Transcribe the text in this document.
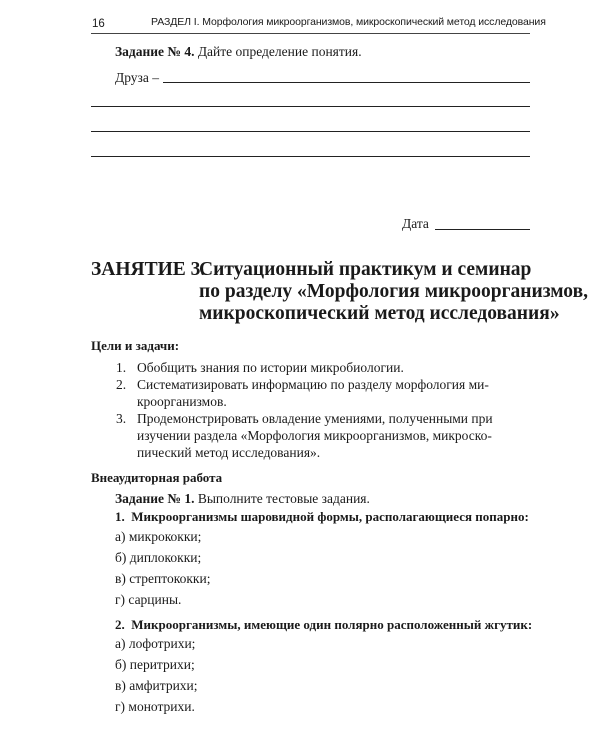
16	РАЗДЕЛ I. Морфология микроорганизмов, микроскопический метод исследования
Задание № 4. Дайте определение понятия.
Друза –
Дата
ЗАНЯТИЕ 3.
Ситуационный практикум и семинар
по разделу «Морфология микроорганизмов,
микроскопический метод исследования»
Цели и задачи:
1. Обобщить знания по истории микробиологии.
2. Систематизировать информацию по разделу морфология ми-
кроорганизмов.
3. Продемонстрировать овладение умениями, полученными при
изучении раздела «Морфология микроорганизмов, микроско-
пический метод исследования».
Внеаудиторная работа
Задание № 1. Выполните тестовые задания.
1. Микроорганизмы шаровидной формы, располагающиеся попарно:
а) микрококки;
б) диплококки;
в) стрептококки;
г) сарцины.
2. Микроорганизмы, имеющие один полярно расположенный жгутик:
а) лофотрихи;
б) перитрихи;
в) амфитрихи;
г) монотрихи.
